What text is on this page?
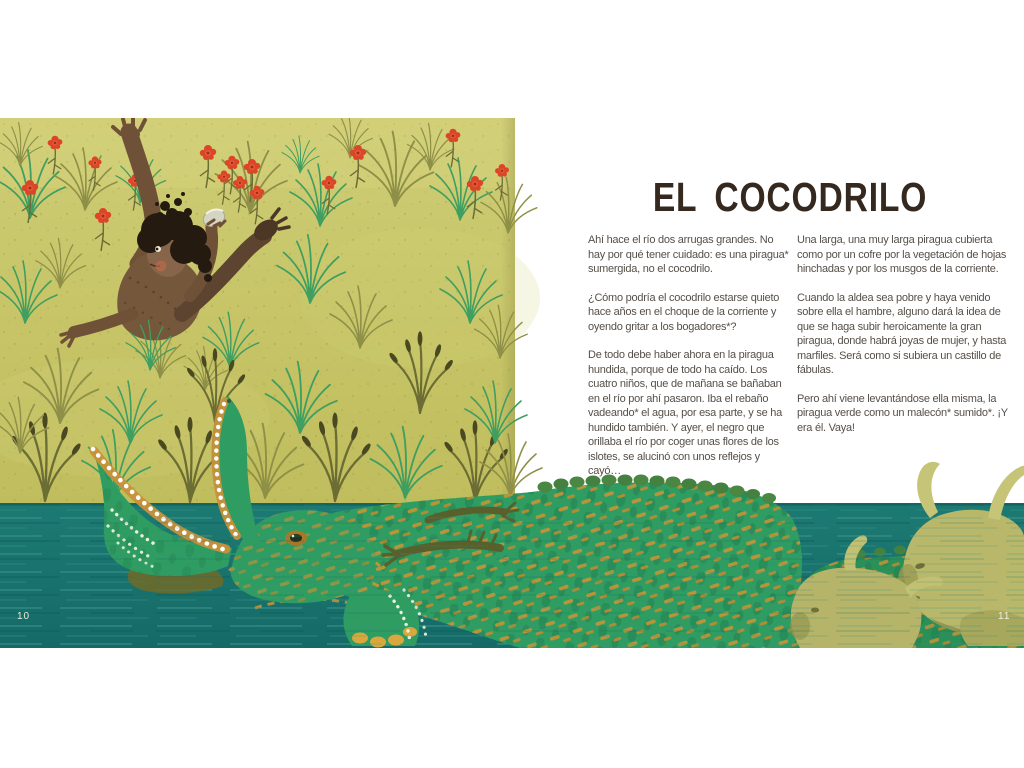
EL COCODRILO

Ahí hace el río dos arrugas grandes. No hay por qué tener cuidado: es una piragua* sumergida, no el cocodrilo.

¿Cómo podría el cocodrilo estarse quieto hace años en el choque de la corriente y oyendo gritar a los bogadores*?

De todo debe haber ahora en la piragua hundida, porque de todo ha caído. Los cuatro niños, que de mañana se bañaban en el río por ahí pasaron. Iba el rebaño vadeando* el agua, por esa parte, y se ha hundido también. Y ayer, el negro que orillaba el río por coger unas flores de los islotes, se alucinó con unos reflejos y cayó…

Una larga, una muy larga piragua cubierta como por un cofre por la vegetación de hojas hinchadas y por los musgos de la corriente.

Cuando la aldea sea pobre y haya venido sobre ella el hambre, alguno dará la idea de que se haga subir heroicamente la gran piragua, donde habrá joyas de mujer, y hasta marfiles. Será como si subiera un castillo de fábulas.

Pero ahí viene levantándose ella misma, la piragua verde como un malecón* sumido*. ¡Y era él. Vaya!

10	11
